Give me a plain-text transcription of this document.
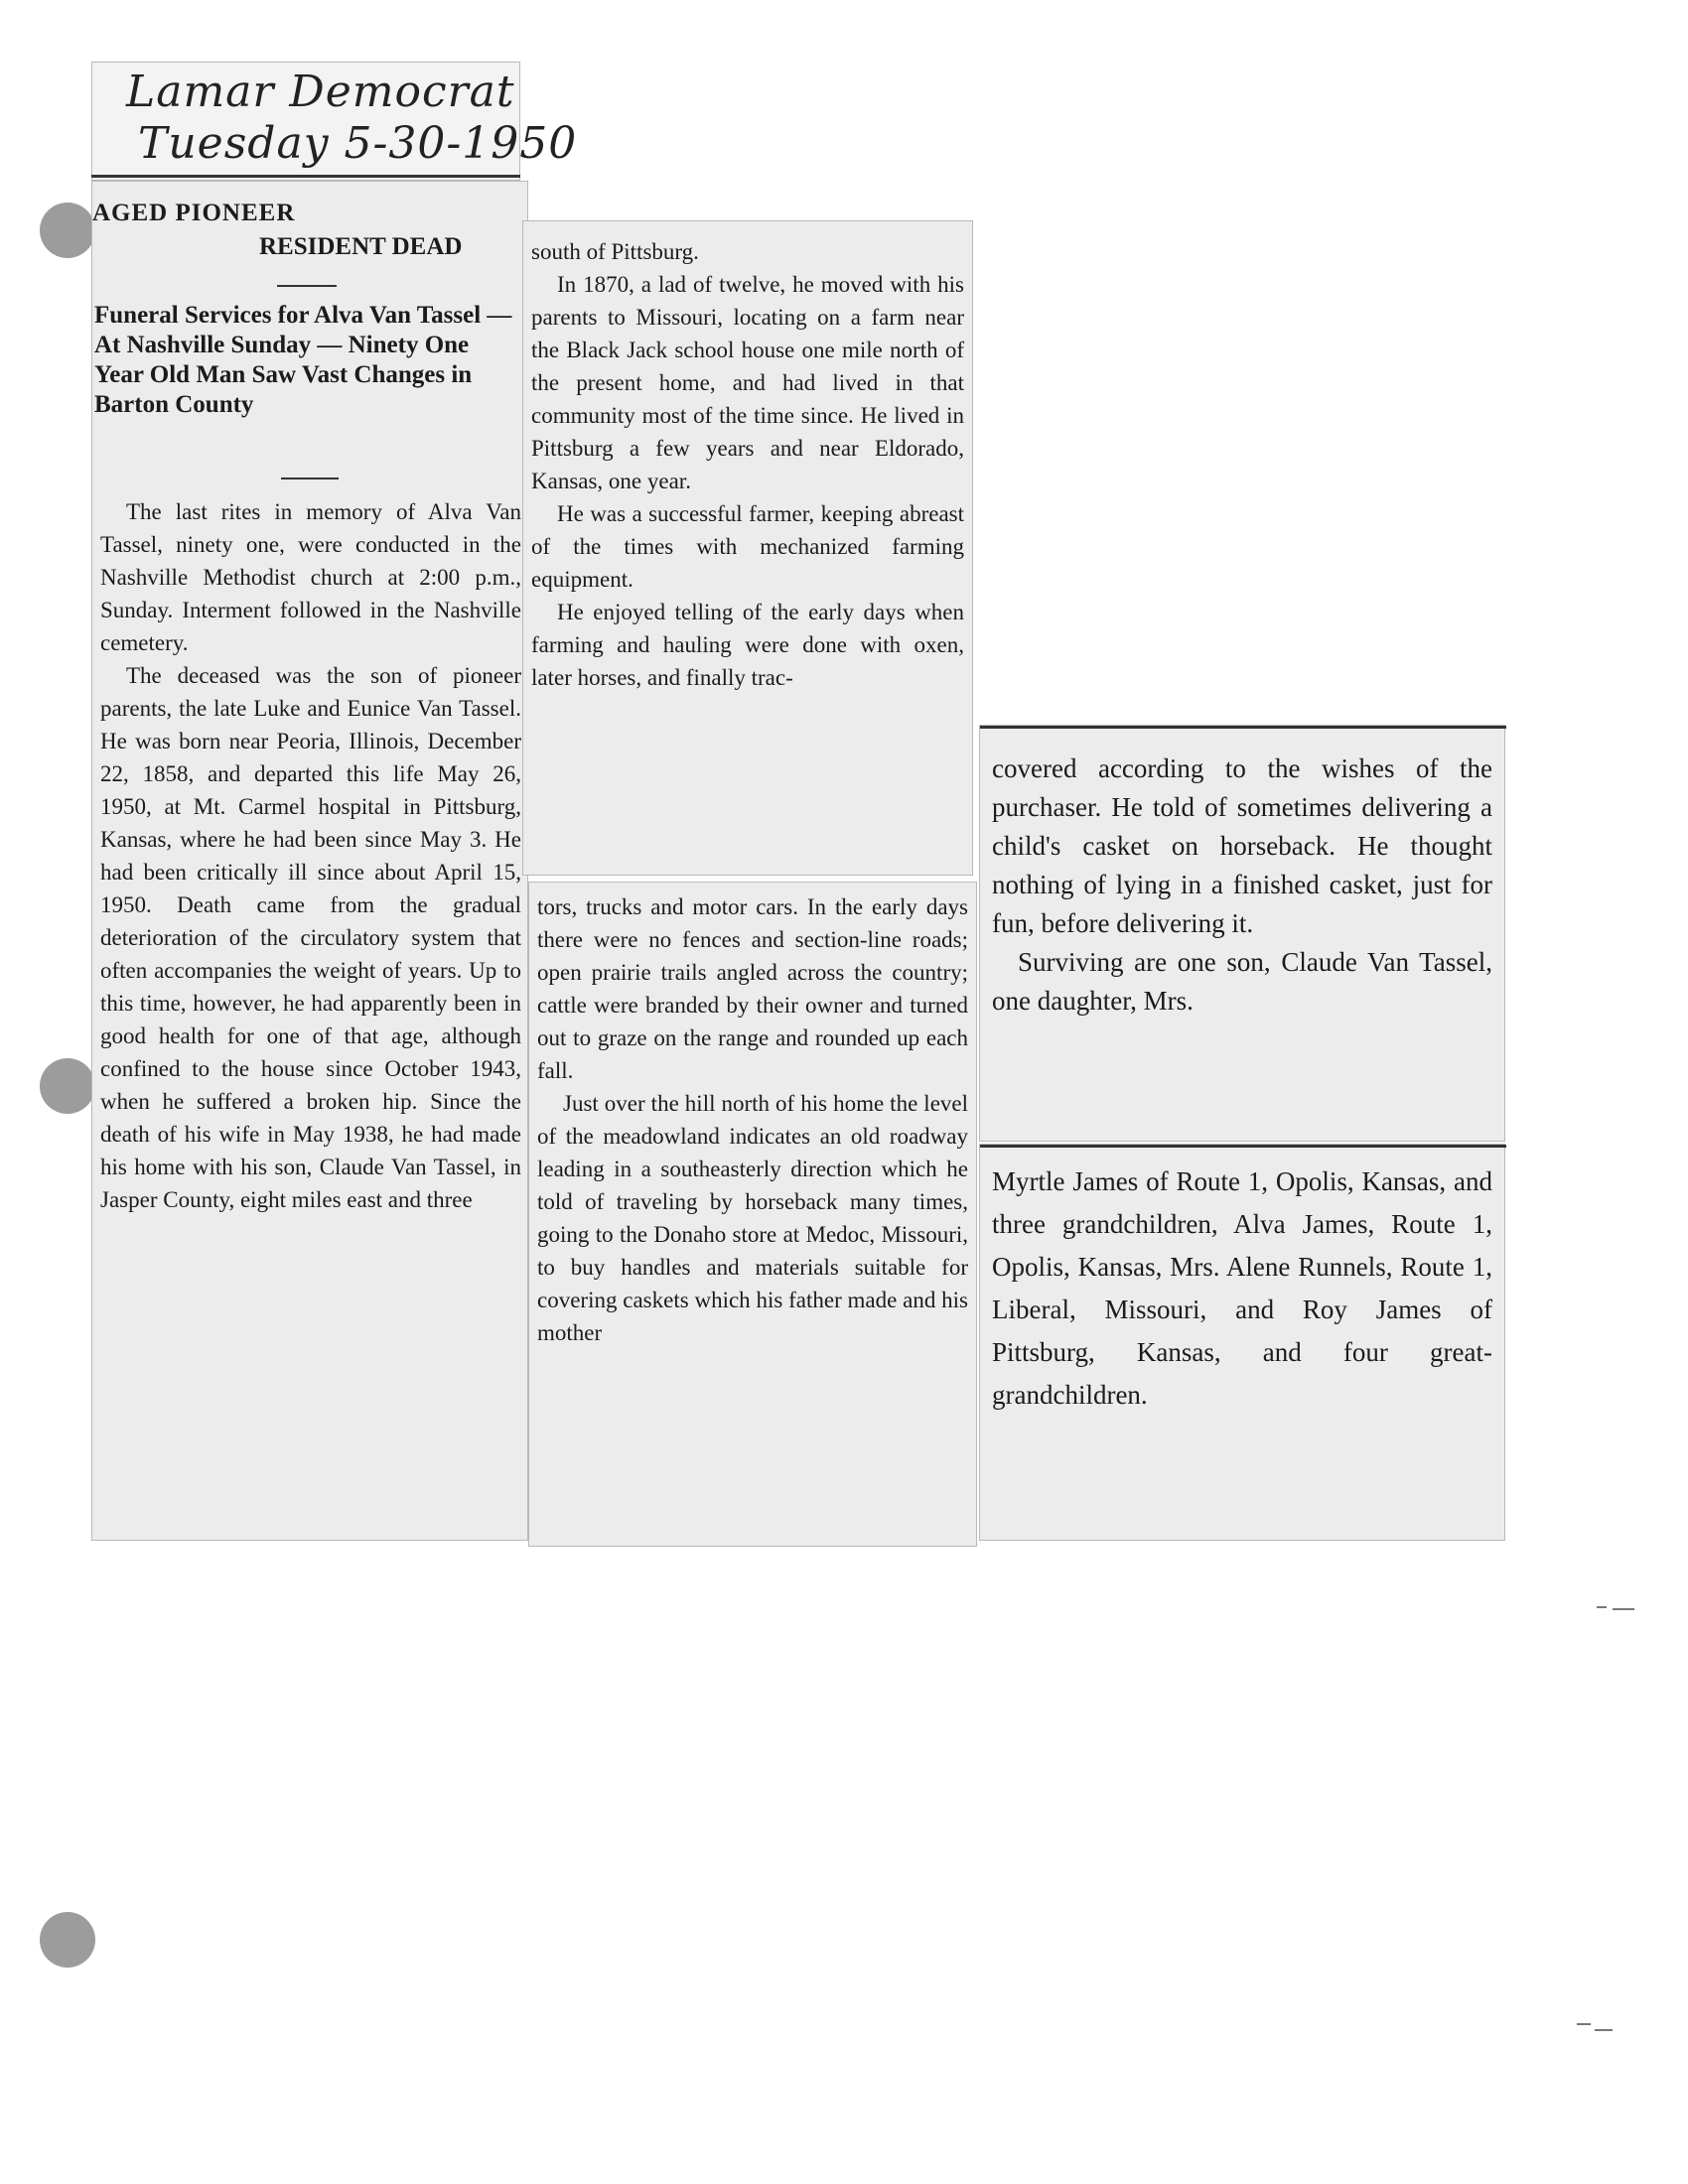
Lamar Democrat
Tuesday 5-30-1950
AGED PIONEER
RESIDENT DEAD
Funeral Services for Alva Van Tassel — At Nashville Sunday — Ninety One Year Old Man Saw Vast Changes in Barton County

The last rites in memory of Alva Van Tassel, ninety one, were conducted in the Nashville Methodist church at 2:00 p.m., Sunday. Interment followed in the Nashville cemetery.

The deceased was the son of pioneer parents, the late Luke and Eunice Van Tassel. He was born near Peoria, Illinois, December 22, 1858, and departed this life May 26, 1950, at Mt. Carmel hospital in Pittsburg, Kansas, where he had been since May 3. He had been critically ill since about April 15, 1950. Death came from the gradual deterioration of the circulatory system that often accompanies the weight of years. Up to this time, however, he had apparently been in good health for one of that age, although confined to the house since October 1943, when he suffered a broken hip. Since the death of his wife in May 1938, he had made his home with his son, Claude Van Tassel, in Jasper County, eight miles east and three

south of Pittsburg.

In 1870, a lad of twelve, he moved with his parents to Missouri, locating on a farm near the Black Jack school house one mile north of the present home, and had lived in that community most of the time since. He lived in Pittsburg a few years and near Eldorado, Kansas, one year.

He was a successful farmer, keeping abreast of the times with mechanized farming equipment.

He enjoyed telling of the early days when farming and hauling were done with oxen, later horses, and finally trac-

tors, trucks and motor cars. In the early days there were no fences and section-line roads; open prairie trails angled across the country; cattle were branded by their owner and turned out to graze on the range and rounded up each fall.

Just over the hill north of his home the level of the meadowland indicates an old roadway leading in a southeasterly direction which he told of traveling by horseback many times, going to the Donaho store at Medoc, Missouri, to buy handles and materials suitable for covering caskets which his father made and his mother

covered according to the wishes of the purchaser. He told of sometimes delivering a child's casket on horseback. He thought nothing of lying in a finished casket, just for fun, before delivering it.

Surviving are one son, Claude Van Tassel, one daughter, Mrs.

Myrtle James of Route 1, Opolis, Kansas, and three grandchildren, Alva James, Route 1, Opolis, Kansas, Mrs. Alene Runnels, Route 1, Liberal, Missouri, and Roy James of Pittsburg, Kansas, and four great-grandchildren.
